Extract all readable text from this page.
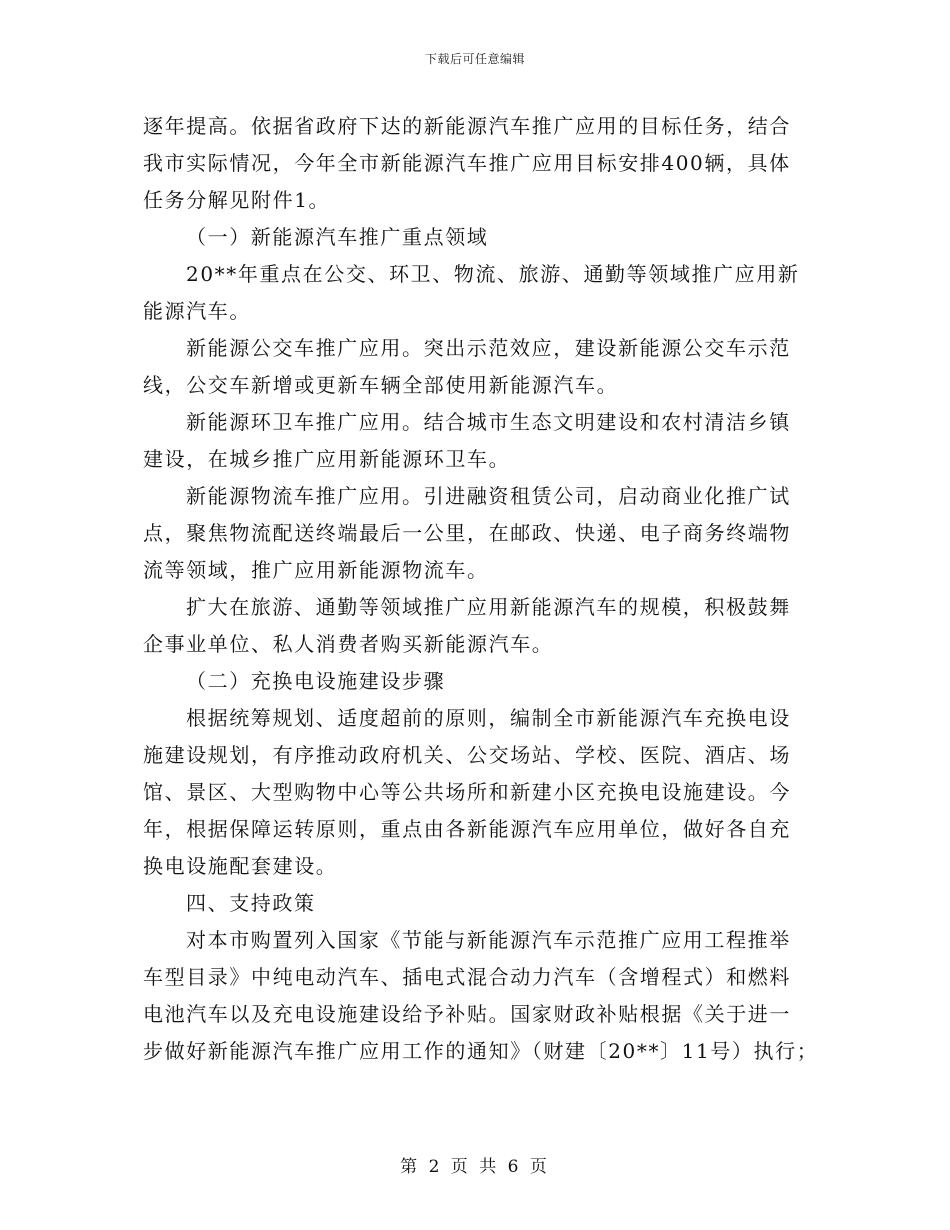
下载后可任意编辑
逐年提高。依据省政府下达的新能源汽车推广应用的目标任务，结合
我市实际情况，今年全市新能源汽车推广应用目标安排400辆，具体
任务分解见附件1。
（一）新能源汽车推广重点领域
20**年重点在公交、环卫、物流、旅游、通勤等领域推广应用新
能源汽车。
新能源公交车推广应用。突出示范效应，建设新能源公交车示范
线，公交车新增或更新车辆全部使用新能源汽车。
新能源环卫车推广应用。结合城市生态文明建设和农村清洁乡镇
建设，在城乡推广应用新能源环卫车。
新能源物流车推广应用。引进融资租赁公司，启动商业化推广试
点，聚焦物流配送终端最后一公里，在邮政、快递、电子商务终端物
流等领域，推广应用新能源物流车。
扩大在旅游、通勤等领域推广应用新能源汽车的规模，积极鼓舞
企事业单位、私人消费者购买新能源汽车。
（二）充换电设施建设步骤
根据统筹规划、适度超前的原则，编制全市新能源汽车充换电设
施建设规划，有序推动政府机关、公交场站、学校、医院、酒店、场
馆、景区、大型购物中心等公共场所和新建小区充换电设施建设。今
年，根据保障运转原则，重点由各新能源汽车应用单位，做好各自充
换电设施配套建设。
四、支持政策
对本市购置列入国家《节能与新能源汽车示范推广应用工程推举
车型目录》中纯电动汽车、插电式混合动力汽车（含增程式）和燃料
电池汽车以及充电设施建设给予补贴。国家财政补贴根据《关于进一
步做好新能源汽车推广应用工作的通知》（财建〔20**〕11号）执行；
第 2 页 共 6 页
